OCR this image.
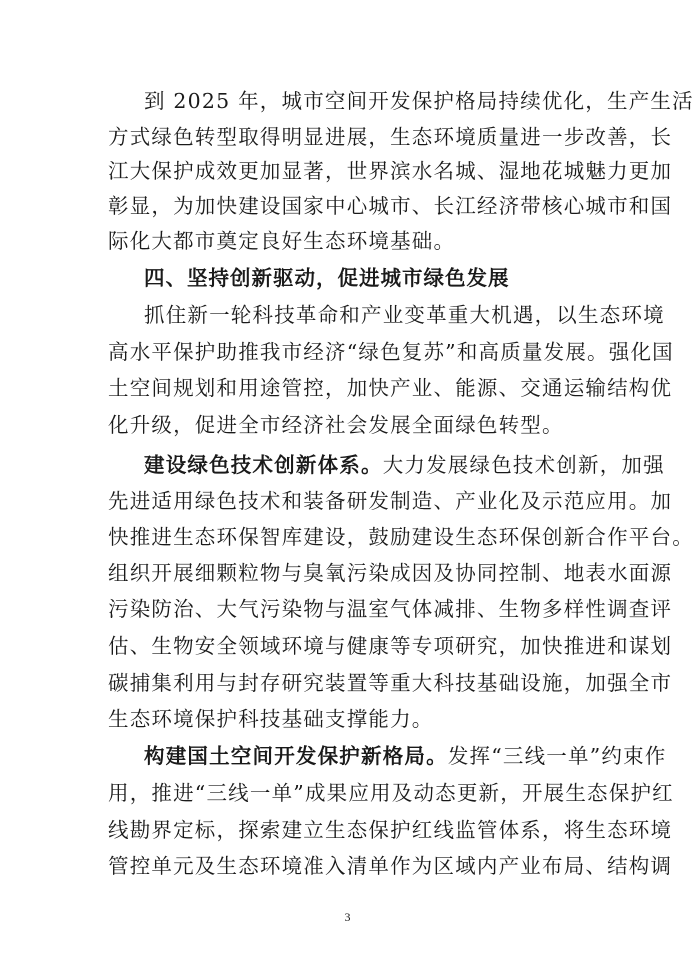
到 2025 年，城市空间开发保护格局持续优化，生产生活
方式绿色转型取得明显进展，生态环境质量进一步改善，长
江大保护成效更加显著，世界滨水名城、湿地花城魅力更加
彰显，为加快建设国家中心城市、长江经济带核心城市和国
际化大都市奠定良好生态环境基础。
四、坚持创新驱动，促进城市绿色发展
抓住新一轮科技革命和产业变革重大机遇，以生态环境
高水平保护助推我市经济“绿色复苏”和高质量发展。强化国
土空间规划和用途管控，加快产业、能源、交通运输结构优
化升级，促进全市经济社会发展全面绿色转型。
建设绿色技术创新体系。大力发展绿色技术创新，加强
先进适用绿色技术和装备研发制造、产业化及示范应用。加
快推进生态环保智库建设，鼓励建设生态环保创新合作平台。
组织开展细颗粒物与臭氧污染成因及协同控制、地表水面源
污染防治、大气污染物与温室气体减排、生物多样性调查评
估、生物安全领域环境与健康等专项研究，加快推进和谋划
碳捕集利用与封存研究装置等重大科技基础设施，加强全市
生态环境保护科技基础支撑能力。
构建国土空间开发保护新格局。发挥“三线一单”约束作
用，推进“三线一单”成果应用及动态更新，开展生态保护红
线勘界定标，探索建立生态保护红线监管体系，将生态环境
管控单元及生态环境准入清单作为区域内产业布局、结构调
3
